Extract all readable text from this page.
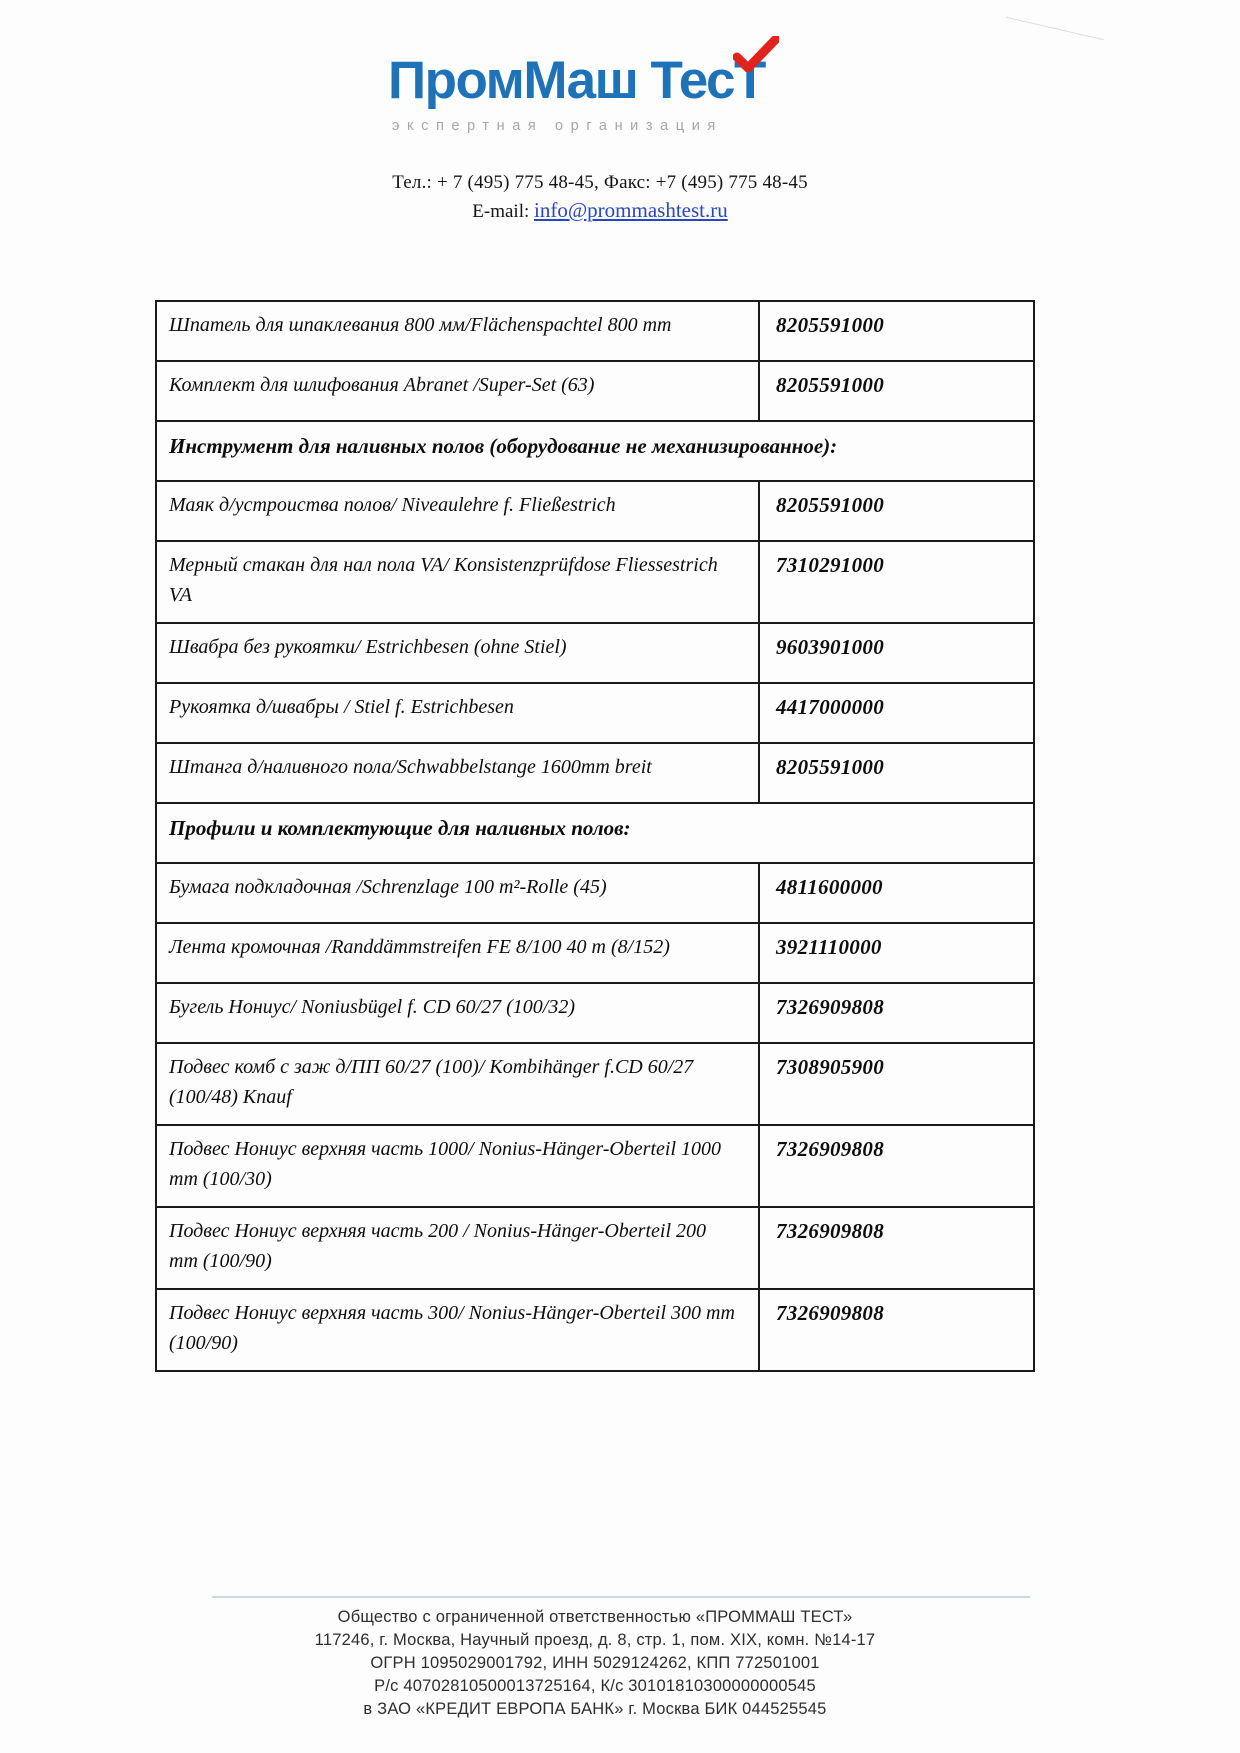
ПромМаш ТесТ
экспертная организация
Тел.: + 7 (495) 775 48-45, Факс: +7 (495) 775 48-45
E-mail: info@prommashtest.ru
Шпатель для шпаклевания 800 мм/Flächenspachtel 800 mm	8205591000
Комплект для шлифования Abranet /Super-Set (63)	8205591000
Инструмент для наливных полов (оборудование не механизированное):
Маяк д/устроиства полов/ Niveaulehre f. Fließestrich	8205591000
Мерный стакан для нал пола VA/ Konsistenzprüfdose Fliessestrich VA
7310291000
Швабра без рукоятки/ Estrichbesen (ohne Stiel)	9603901000
Рукоятка д/швабры / Stiel f. Estrichbesen	4417000000
Штанга д/наливного пола/Schwabbelstange 1600mm breit	8205591000
Профили и комплектующие для наливных полов:
Бумага подкладочная /Schrenzlage 100 m²-Rolle (45)	4811600000
Лента кромочная /Randdämmstreifen FE 8/100 40 m (8/152)	3921110000
Бугель Нониус/ Noniusbügel f. CD 60/27 (100/32)	7326909808
Подвес комб с заж д/ПП 60/27 (100)/ Kombihänger f.CD 60/27 (100/48) Knauf
7308905900
Подвес Нониус верхняя часть 1000/ Nonius-Hänger-Oberteil 1000 mm (100/30)
7326909808
Подвес Нониус верхняя часть 200 / Nonius-Hänger-Oberteil 200 mm (100/90)
7326909808
Подвес Нониус верхняя часть 300/ Nonius-Hänger-Oberteil 300 mm (100/90)
7326909808
Общество с ограниченной ответственностью «ПРОММАШ ТЕСТ»
117246, г. Москва, Научный проезд, д. 8, стр. 1, пом. XIX, комн. №14-17
ОГРН 1095029001792, ИНН 5029124262, КПП 772501001
Р/с 40702810500013725164, К/с 30101810300000000545
в ЗАО «КРЕДИТ ЕВРОПА БАНК» г. Москва БИК 044525545
